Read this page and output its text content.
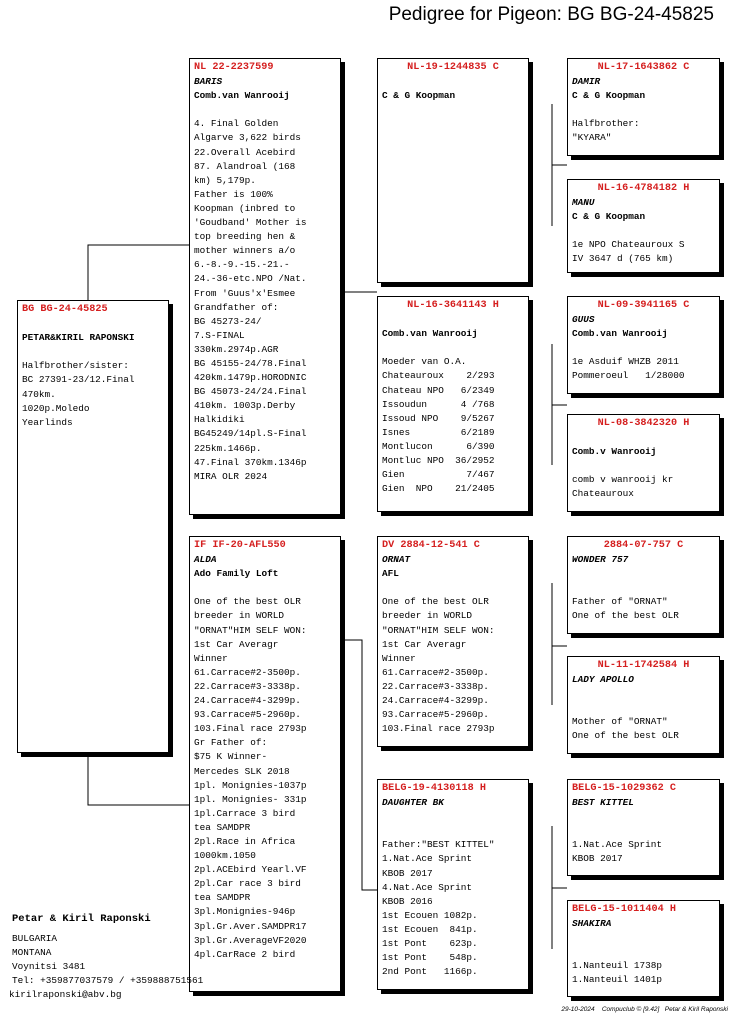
Pedigree for Pigeon: BG BG-24-45825
BG BG-24-45825
PETAR&KIRIL RAPONSKI
Halfbrother/sister:
BC 27391-23/12.Final
470km.
1020p.Moledo
Yearlinds
NL 22-2237599
BARIS
Comb.van Wanrooij
4. Final Golden
Algarve 3,622 birds
22.Overall Acebird
87. Alandroal (168
km) 5,179p.
Father is 100%
Koopman (inbred to
'Goudband' Mother is
top breeding hen &
mother winners a/o
6.-8.-9.-15.-21.-
24.-36-etc.NPO /Nat.
From 'Guus'x'Esmee
Grandfather of:
BG 45273-24/
7.S-FINAL
330km.2974p.AGR
BG 45155-24/78.Final
420km.1479p.HORODNIC
BG 45073-24/24.Final
410km. 1003p.Derby
Halkidiki
BG45249/14pl.S-Final
225km.1466p.
47.Final 370km.1346p
MIRA OLR 2024
IF IF-20-AFL550
ALDA
Ado Family Loft
One of the best OLR
breeder in WORLD
"ORNAT"HIM SELF WON:
1st Car Averagr
Winner
61.Carrace#2-3500p.
22.Carrace#3-3338p.
24.Carrace#4-3299p.
93.Carrace#5-2960p.
103.Final race 2793p
Gr Father of:
$75 K Winner-
Mercedes SLK 2018
1pl. Monignies-1037p
1pl. Monignies- 331p
1pl.Carrace 3 bird
tea SAMDPR
2pl.Race in Africa
1000km.1050
2pl.ACEbird Yearl.VF
2pl.Car race 3 bird
tea SAMDPR
3pl.Monignies-946p
3pl.Gr.Aver.SAMDPR17
3pl.Gr.AverageVF2020
4pl.CarRace 2 bird
NL-19-1244835 C
C & G Koopman
NL-16-3641143 H
Comb.van Wanrooij
Moeder van O.A.
Chateauroux    2/293
Chateau NPO   6/2349
Issoudun      4 /768
Issoud NPO    9/5267
Isnes         6/2189
Montlucon      6/390
Montluc NPO  36/2952
Gien           7/467
Gien  NPO    21/2405
DV 2884-12-541 C
ORNAT
AFL
One of the best OLR
breeder in WORLD
"ORNAT"HIM SELF WON:
1st Car Averagr
Winner
61.Carrace#2-3500p.
22.Carrace#3-3338p.
24.Carrace#4-3299p.
93.Carrace#5-2960p.
103.Final race 2793p
BELG-19-4130118 H
DAUGHTER BK
Father:"BEST KITTEL"
1.Nat.Ace Sprint
KBOB 2017
4.Nat.Ace Sprint
KBOB 2016
1st Ecouen 1082p.
1st Ecouen  841p.
1st Pont    623p.
1st Pont    548p.
2nd Pont   1166p.
NL-17-1643862 C
DAMIR
C & G Koopman
Halfbrother:
"KYARA"
NL-16-4784182 H
MANU
C & G Koopman
1e NPO Chateauroux S
IV 3647 d (765 km)
NL-09-3941165 C
GUUS
Comb.van Wanrooij
1e Asduif WHZB 2011
Pommeroeul   1/28000
NL-08-3842320 H
Comb.v Wanrooij
comb v wanrooij kr
Chateauroux
2884-07-757 C
WONDER 757
Father of "ORNAT"
One of the best OLR
NL-11-1742584 H
LADY APOLLO
Mother of "ORNAT"
One of the best OLR
BELG-15-1029362 C
BEST KITTEL
1.Nat.Ace Sprint
KBOB 2017
BELG-15-1011404 H
SHAKIRA
1.Nanteuil 1738p
1.Nanteuil 1401p
Petar & Kiril Raponski
BULGARIA
MONTANA
Voynitsi 3481
Tel: +359877037579 / +359888751561
kirilraponski@abv.bg
29-10-2024    Compuclub © [9.42]   Petar & Kiril Raponski
